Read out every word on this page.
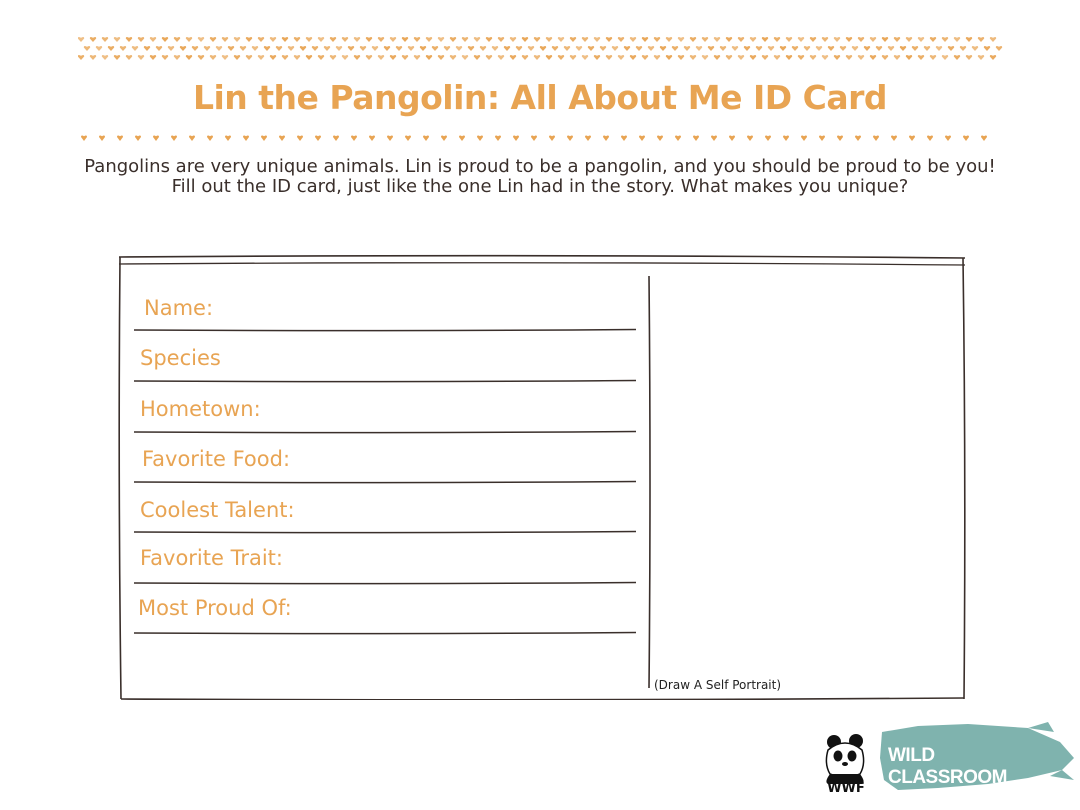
Lin the Pangolin: All About Me ID Card
Pangolins are very unique animals. Lin is proud to be a pangolin, and you should be proud to be you!
Fill out the ID card, just like the one Lin had in the story. What makes you unique?
Name:
Species
Hometown:
Favorite Food:
Coolest Talent:
Favorite Trait:
Most Proud Of:
(Draw A Self Portrait)
WWF
WILD CLASSROOM
